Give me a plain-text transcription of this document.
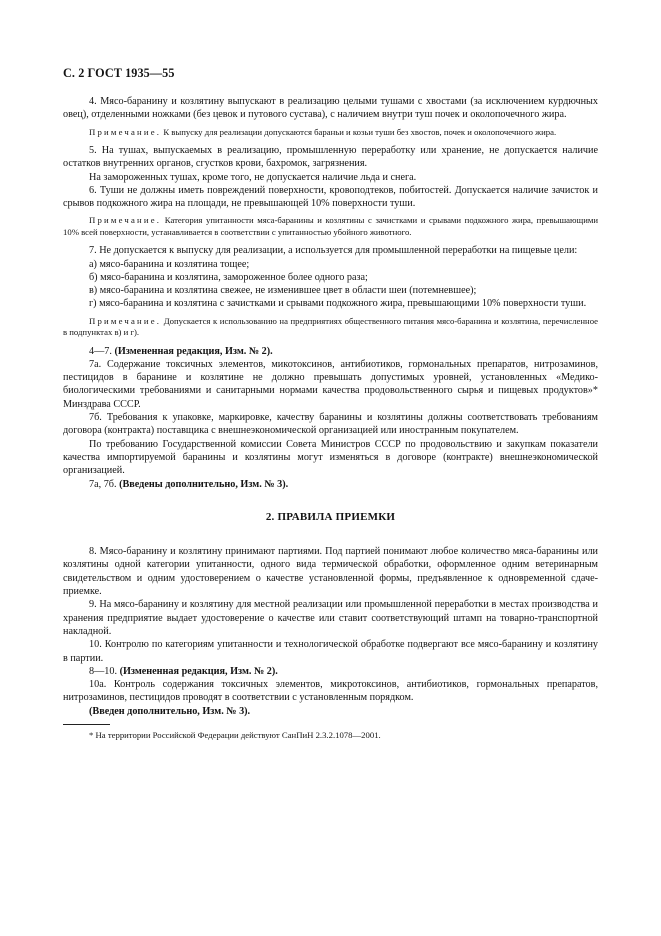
С. 2 ГОСТ 1935—55

4. Мясо-баранину и козлятину выпускают в реализацию целыми тушами с хвостами (за исключением курдючных овец), отделенными ножками (без цевок и путового сустава), с наличием внутри туш почек и околопочечного жира.

Примечание. К выпуску для реализации допускаются бараньи и козьи туши без хвостов, почек и околопочечного жира.

5. На тушах, выпускаемых в реализацию, промышленную переработку или хранение, не допускается наличие остатков внутренних органов, сгустков крови, бахромок, загрязнения.

На замороженных тушах, кроме того, не допускается наличие льда и снега.

6. Туши не должны иметь повреждений поверхности, кровоподтеков, побитостей. Допускается наличие зачисток и срывов подкожного жира на площади, не превышающей 10% поверхности туши.

Примечание. Категория упитанности мяса-баранины и козлятины с зачистками и срывами подкожного жира, превышающими 10% всей поверхности, устанавливается в соответствии с упитанностью убойного животного.

7. Не допускается к выпуску для реализации, а используется для промышленной переработки на пищевые цели:

а) мясо-баранина и козлятина тощее;

б) мясо-баранина и козлятина, замороженное более одного раза;

в) мясо-баранина и козлятина свежее, не изменившее цвет в области шеи (потемневшее);

г) мясо-баранина и козлятина с зачистками и срывами подкожного жира, превышающими 10% поверхности туши.

Примечание. Допускается к использованию на предприятиях общественного питания мясо-баранина и козлятина, перечисленное в подпунктах в) и г).

4—7. (Измененная редакция, Изм. № 2).

7а. Содержание токсичных элементов, микотоксинов, антибиотиков, гормональных препаратов, нитрозаминов, пестицидов в баранине и козлятине не должно превышать допустимых уровней, установленных «Медико-биологическими требованиями и санитарными нормами качества продовольственного сырья и пищевых продуктов»* Минздрава СССР.

7б. Требования к упаковке, маркировке, качеству баранины и козлятины должны соответствовать требованиям договора (контракта) поставщика с внешнеэкономической организацией или иностранным покупателем.

По требованию Государственной комиссии Совета Министров СССР по продовольствию и закупкам показатели качества импортируемой баранины и козлятины могут изменяться в договоре (контракте) внешнеэкономической организацией.

7а, 7б. (Введены дополнительно, Изм. № 3).

2. ПРАВИЛА ПРИЕМКИ

8. Мясо-баранину и козлятину принимают партиями. Под партией понимают любое количество мяса-баранины или козлятины одной категории упитанности, одного вида термической обработки, оформленное одним ветеринарным свидетельством и одним удостоверением о качестве установленной формы, предъявленное к одновременной сдаче-приемке.

9. На мясо-баранину и козлятину для местной реализации или промышленной переработки в местах производства и хранения предприятие выдает удостоверение о качестве или ставит соответствующий штамп на товарно-транспортной накладной.

10. Контролю по категориям упитанности и технологической обработке подвергают все мясо-баранину и козлятину в партии.

8—10. (Измененная редакция, Изм. № 2).

10а. Контроль содержания токсичных элементов, микротоксинов, антибиотиков, гормональных препаратов, нитрозаминов, пестицидов проводят в соответствии с установленным порядком.

(Введен дополнительно, Изм. № 3).

* На территории Российской Федерации действуют СанПиН 2.3.2.1078—2001.
